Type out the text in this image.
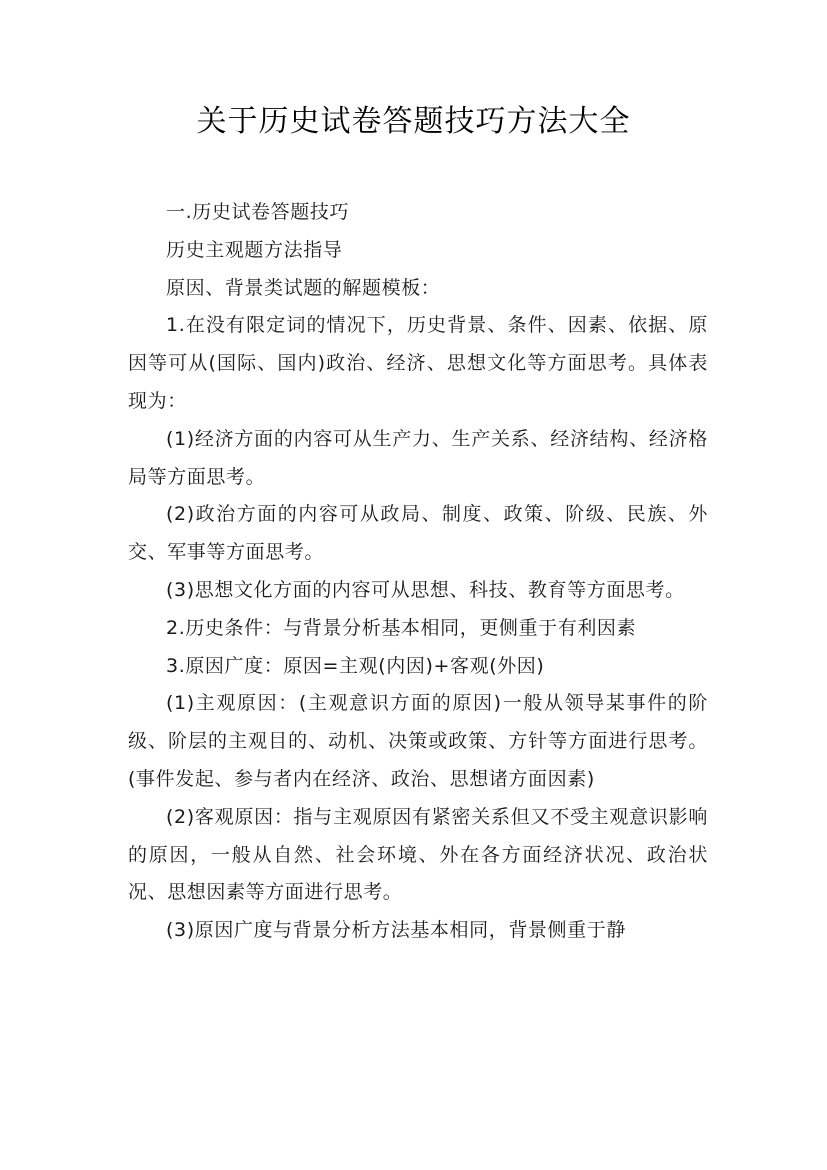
关于历史试卷答题技巧方法大全

一.历史试卷答题技巧

历史主观题方法指导

原因、背景类试题的解题模板：

1.在没有限定词的情况下，历史背景、条件、因素、依据、原因等可从(国际、国内)政治、经济、思想文化等方面思考。具体表现为：

(1)经济方面的内容可从生产力、生产关系、经济结构、经济格局等方面思考。

(2)政治方面的内容可从政局、制度、政策、阶级、民族、外交、军事等方面思考。

(3)思想文化方面的内容可从思想、科技、教育等方面思考。

2.历史条件：与背景分析基本相同，更侧重于有利因素

3.原因广度：原因=主观(内因)+客观(外因)

(1)主观原因：(主观意识方面的原因)一般从领导某事件的阶级、阶层的主观目的、动机、决策或政策、方针等方面进行思考。(事件发起、参与者内在经济、政治、思想诸方面因素)

(2)客观原因：指与主观原因有紧密关系但又不受主观意识影响的原因，一般从自然、社会环境、外在各方面经济状况、政治状况、思想因素等方面进行思考。

(3)原因广度与背景分析方法基本相同，背景侧重于静
